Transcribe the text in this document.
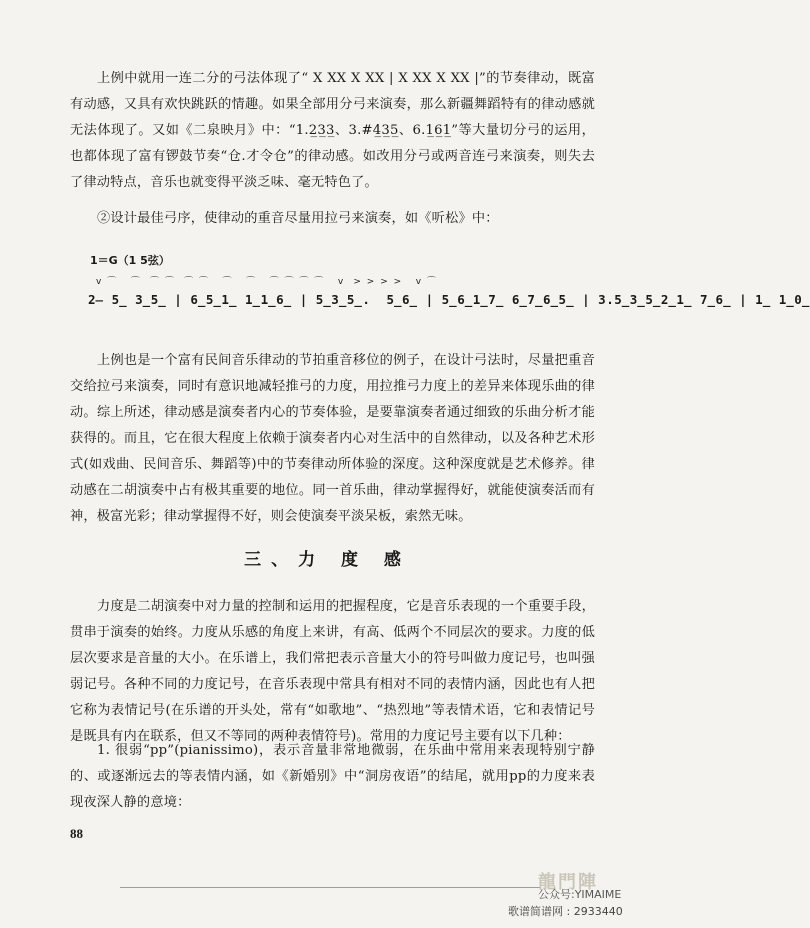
上例中就用一连二分的弓法体现了“ X XX X XX | X XX X XX |”的节奏律动，既富有动感，又具有欢快跳跃的情趣。如果全部用分弓来演奏，那么新疆舞蹈特有的律动感就无法体现了。又如《二泉映月》中：“1.2̲3̲3̲、3.#4̲3̲5̲、6.1̲6̲1̲”等大量切分弓的运用，也都体现了富有锣鼓节奏“仓.才令仓”的律动感。如改用分弓或两音连弓来演奏，则失去了律动特点，音乐也就变得平淡乏味、毫无特色了。

②设计最佳弓序，使律动的重音尽量用拉弓来演奏，如《听松》中：

1＝G（1 5弦）
v ⌒   ⌒  ⌒ ⌒  ⌒ ⌒   ⌒   ⌒   ⌒ ⌒ ⌒ ⌒   v  > > > >   v ⌒
2̶ 5̲ 3̲5̲ | 6̲5̲1̲ 1̲1̲6̲ | 5̲3̲5̲.  5̲6̲ | 5̲6̲1̲7̲ 6̲7̲6̲5̲ | 3.5̲3̲5̲2̲1̲ 7̲6̲ | 1̲ 1̲0̲

上例也是一个富有民间音乐律动的节拍重音移位的例子，在设计弓法时，尽量把重音交给拉弓来演奏，同时有意识地减轻推弓的力度，用拉推弓力度上的差异来体现乐曲的律动。 综上所述，律动感是演奏者内心的节奏体验，是要靠演奏者通过细致的乐曲分析才能获得的。而且，它在很大程度上依赖于演奏者内心对生活中的自然律动，以及各种艺术形式(如戏曲、民间音乐、舞蹈等)中的节奏律动所体验的深度。这种深度就是艺术修养。律动感在二胡演奏中占有极其重要的地位。同一首乐曲，律动掌握得好，就能使演奏活而有神，极富光彩；律动掌握得不好，则会使演奏平淡呆板，索然无味。

三、力 度 感

力度是二胡演奏中对力量的控制和运用的把握程度，它是音乐表现的一个重要手段，贯串于演奏的始终。力度从乐感的角度上来讲，有高、低两个不同层次的要求。力度的低层次要求是音量的大小。在乐谱上，我们常把表示音量大小的符号叫做力度记号，也叫强弱记号。各种不同的力度记号，在音乐表现中常具有相对不同的表情内涵，因此也有人把它称为表情记号(在乐谱的开头处，常有“如歌地”、“热烈地”等表情术语，它和表情记号是既具有内在联系，但又不等同的两种表情符号)。常用的力度记号主要有以下几种：

1. 很弱“pp”(pianissimo)，表示音量非常地微弱，在乐曲中常用来表现特别宁静的、或逐渐远去的等表情内涵，如《新婚别》中“洞房夜语”的结尾，就用pp的力度来表现夜深人静的意境：

88
龍門陣
公众号:YIMAIME
歌谱简谱网 : 2933440
